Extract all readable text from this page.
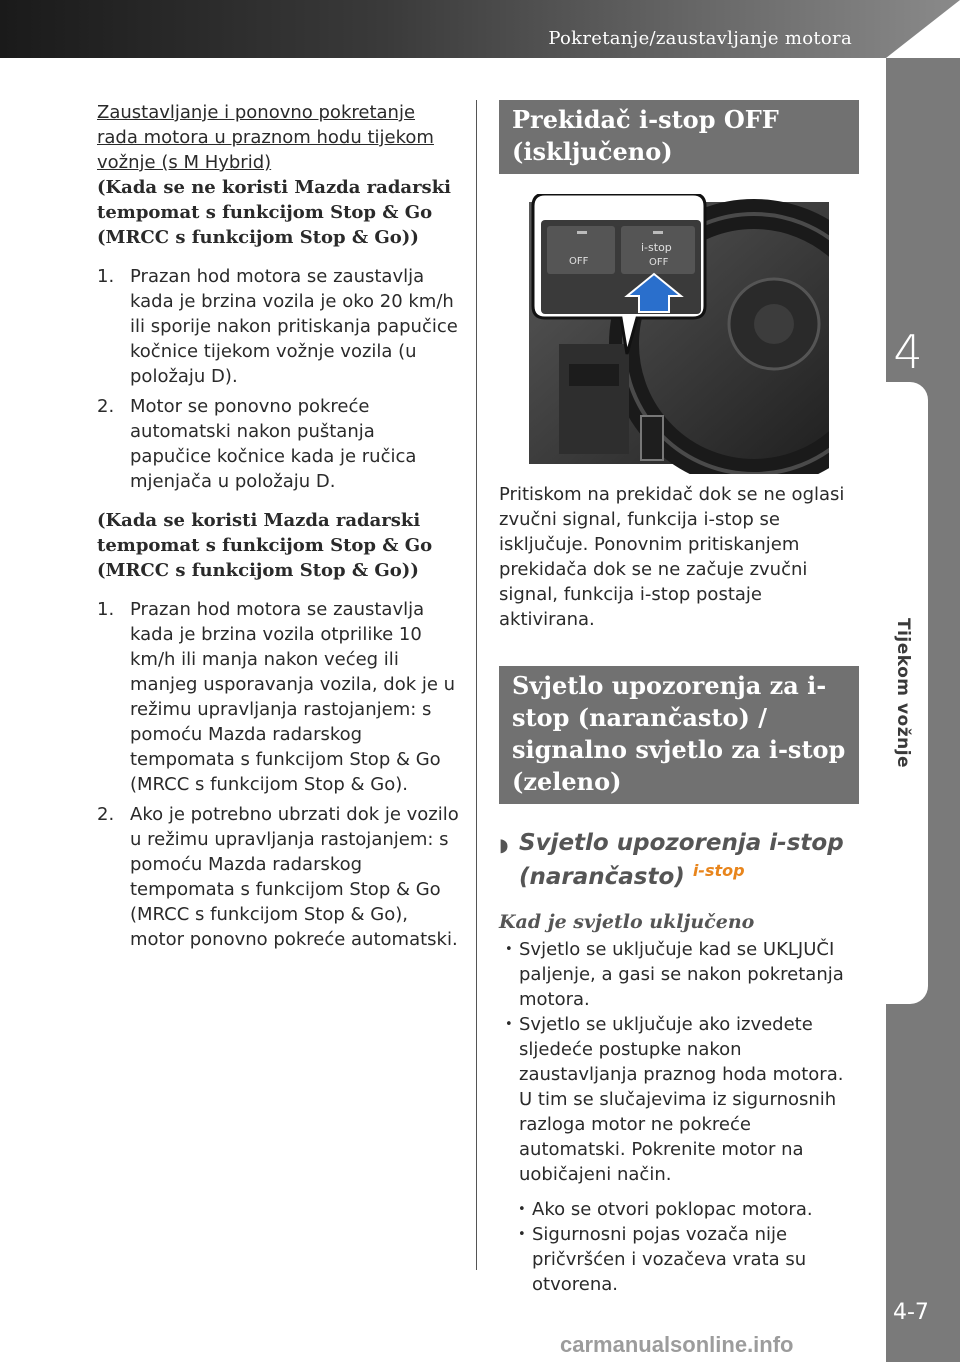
Pokretanje/zaustavljanje motora
4
Tijekom vožnje
4-7

Zaustavljanje i ponovno pokretanje rada motora u praznom hodu tijekom vožnje (s M Hybrid)

(Kada se ne koristi Mazda radarski tempomat s funkcijom Stop & Go (MRCC s funkcijom Stop & Go))

1. Prazan hod motora se zaustavlja kada je brzina vozila je oko 20 km/h ili sporije nakon pritiskanja papučice kočnice tijekom vožnje vozila (u položaju D).
2. Motor se ponovno pokreće automatski nakon puštanja papučice kočnice kada je ručica mjenjača u položaju D.

(Kada se koristi Mazda radarski tempomat s funkcijom Stop & Go (MRCC s funkcijom Stop & Go))

1. Prazan hod motora se zaustavlja kada je brzina vozila otprilike 10 km/h ili manja nakon većeg ili manjeg usporavanja vozila, dok je u režimu upravljanja rastojanjem: s pomoću Mazda radarskog tempomata s funkcijom Stop & Go (MRCC s funkcijom Stop & Go).
2. Ako je potrebno ubrzati dok je vozilo u režimu upravljanja rastojanjem: s pomoću Mazda radarskog tempomata s funkcijom Stop & Go (MRCC s funkcijom Stop & Go), motor ponovno pokreće automatski.
Prekidač i-stop OFF (isključeno)
OFF
i-stop
OFF

Pritiskom na prekidač dok se ne oglasi zvučni signal, funkcija i-stop se isključuje. Ponovnim pritiskanjem prekidača dok se ne začuje zvučni signal, funkcija i-stop postaje aktivirana.

Svjetlo upozorenja za i-stop (narančasto) / signalno svjetlo za i-stop (zeleno)
◗ Svjetlo upozorenja i-stop (narančasto) $^{i-stop}$
Kad je svjetlo uključeno
• Svjetlo se uključuje kad se UKLJUČI paljenje, a gasi se nakon pokretanja motora.
• Svjetlo se uključuje ako izvedete sljedeće postupke nakon zaustavljanja praznog hoda motora. U tim se slučajevima iz sigurnosnih razloga motor ne pokreće automatski. Pokrenite motor na uobičajeni način.
• Ako se otvori poklopac motora.
• Sigurnosni pojas vozača nije pričvršćen i vozačeva vrata su otvorena.
carmanualsonline.info
